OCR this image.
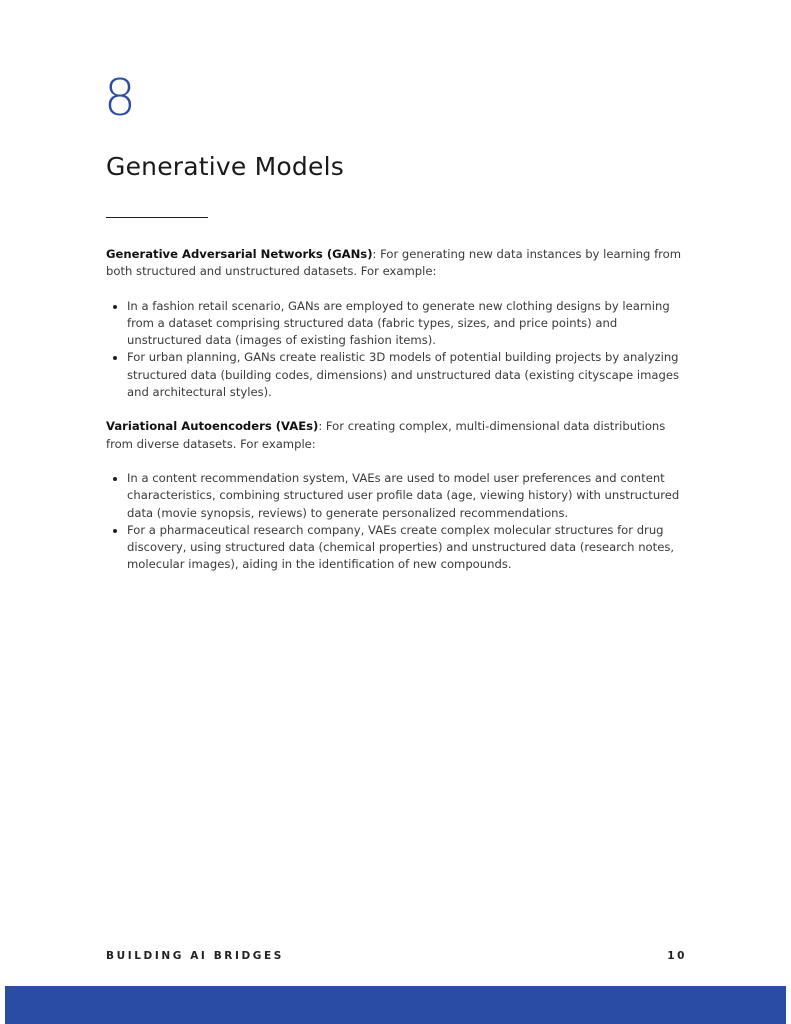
8
Generative Models

Generative Adversarial Networks (GANs): For generating new data instances by learning from both structured and unstructured datasets. For example:

In a fashion retail scenario, GANs are employed to generate new clothing designs by learning from a dataset comprising structured data (fabric types, sizes, and price points) and unstructured data (images of existing fashion items).
For urban planning, GANs create realistic 3D models of potential building projects by analyzing structured data (building codes, dimensions) and unstructured data (existing cityscape images and architectural styles).

Variational Autoencoders (VAEs): For creating complex, multi-dimensional data distributions from diverse datasets. For example:

In a content recommendation system, VAEs are used to model user preferences and content characteristics, combining structured user profile data (age, viewing history) with unstructured data (movie synopsis, reviews) to generate personalized recommendations.
For a pharmaceutical research company, VAEs create complex molecular structures for drug discovery, using structured data (chemical properties) and unstructured data (research notes, molecular images), aiding in the identification of new compounds.
BUILDING AI BRIDGES	10
